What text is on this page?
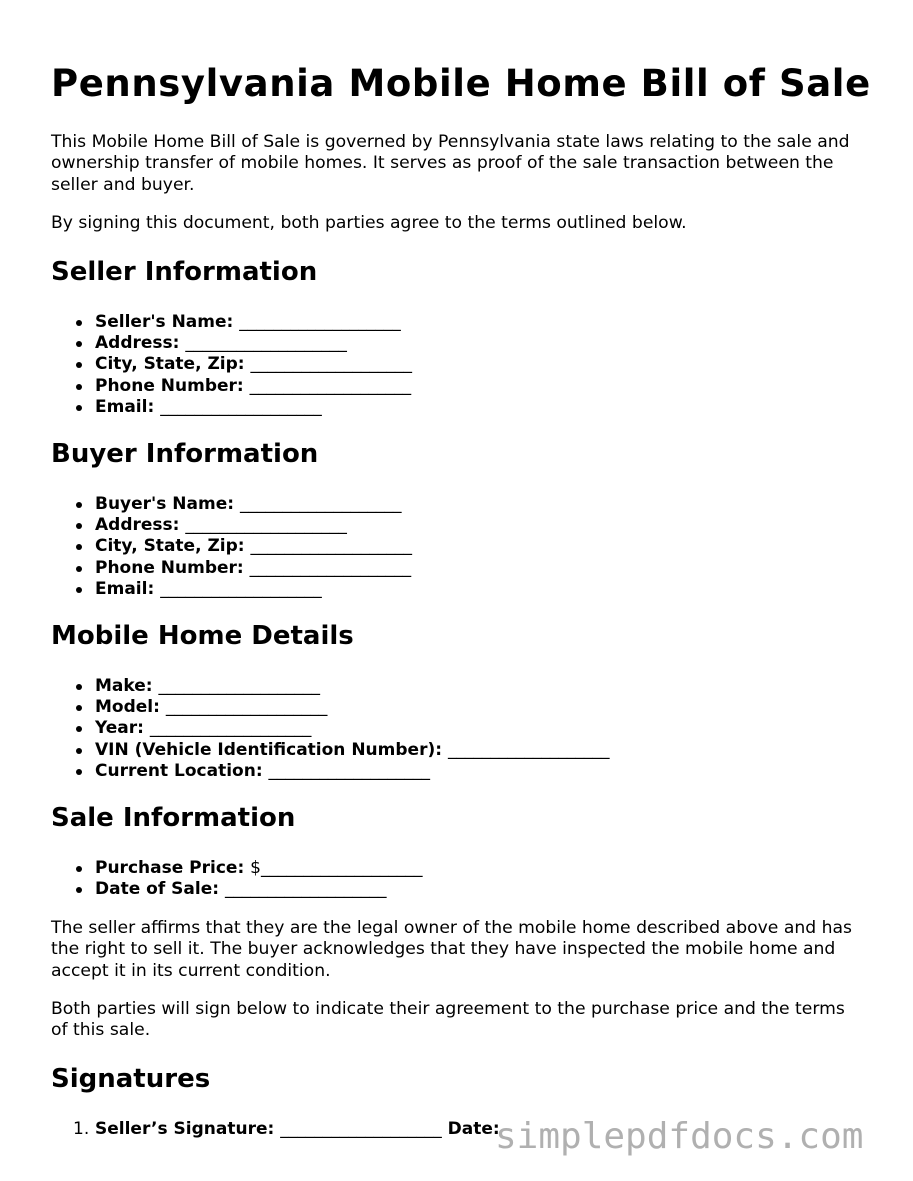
Pennsylvania Mobile Home Bill of Sale

This Mobile Home Bill of Sale is governed by Pennsylvania state laws relating to the sale and ownership transfer of mobile homes. It serves as proof of the sale transaction between the seller and buyer.

By signing this document, both parties agree to the terms outlined below.

Seller Information
Seller's Name: ___________________
Address: ___________________
City, State, Zip: ___________________
Phone Number: ___________________
Email: ___________________
Buyer Information
Buyer's Name: ___________________
Address: ___________________
City, State, Zip: ___________________
Phone Number: ___________________
Email: ___________________
Mobile Home Details
Make: ___________________
Model: ___________________
Year: ___________________
VIN (Vehicle Identification Number): ___________________
Current Location: ___________________
Sale Information
Purchase Price: $___________________
Date of Sale: ___________________

The seller affirms that they are the legal owner of the mobile home described above and has the right to sell it. The buyer acknowledges that they have inspected the mobile home and accept it in its current condition.

Both parties will sign below to indicate their agreement to the purchase price and the terms of this sale.

Signatures
1. Seller’s Signature: ___________________ Date:
simplepdfdocs.com
